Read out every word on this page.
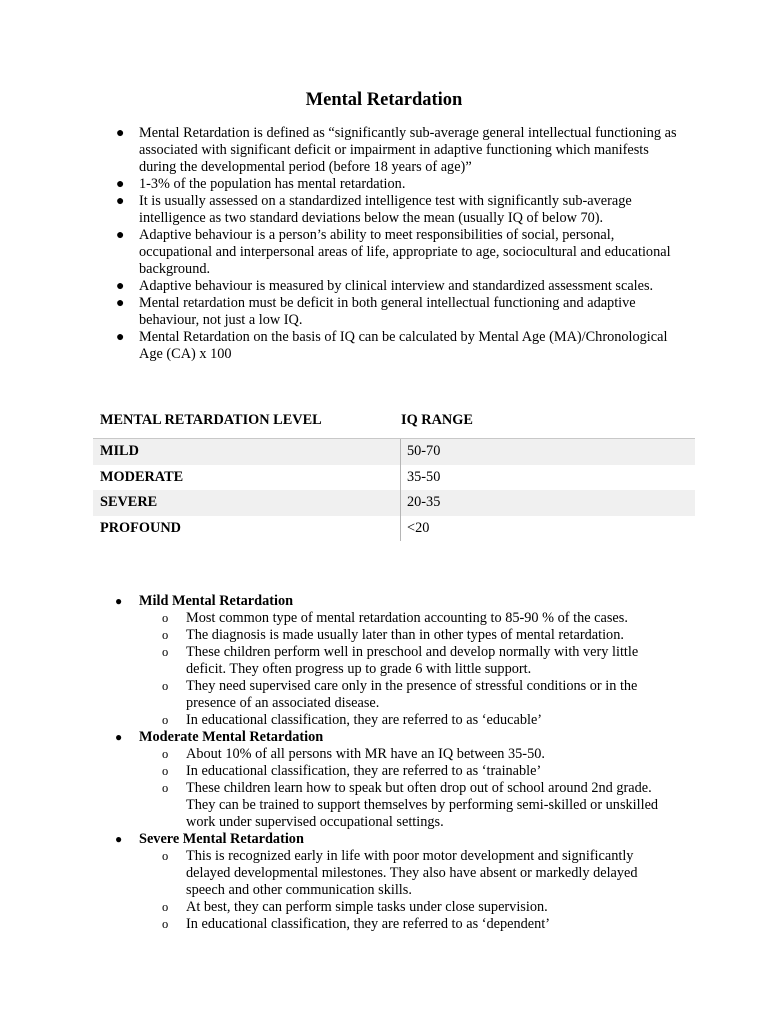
Mental Retardation
● Mental Retardation is defined as “significantly sub-average general intellectual functioning as associated with significant deficit or impairment in adaptive functioning which manifests during the developmental period (before 18 years of age)”
● 1-3% of the population has mental retardation.
● It is usually assessed on a standardized intelligence test with significantly sub-average intelligence as two standard deviations below the mean (usually IQ of below 70).
● Adaptive behaviour is a person’s ability to meet responsibilities of social, personal, occupational and interpersonal areas of life, appropriate to age, sociocultural and educational background.
● Adaptive behaviour is measured by clinical interview and standardized assessment scales.
● Mental retardation must be deficit in both general intellectual functioning and adaptive behaviour, not just a low IQ.
● Mental Retardation on the basis of IQ can be calculated by Mental Age (MA)/Chronological Age (CA) x 100
MENTAL RETARDATION LEVEL	IQ RANGE
MILD	50-70
MODERATE	35-50
SEVERE	20-35
PROFOUND	<20
● Mild Mental Retardation
o Most common type of mental retardation accounting to 85-90 % of the cases.
o The diagnosis is made usually later than in other types of mental retardation.
o These children perform well in preschool and develop normally with very little deficit. They often progress up to grade 6 with little support.
o They need supervised care only in the presence of stressful conditions or in the presence of an associated disease.
o In educational classification, they are referred to as ‘educable’
● Moderate Mental Retardation
o About 10% of all persons with MR have an IQ between 35-50.
o In educational classification, they are referred to as ‘trainable’
o These children learn how to speak but often drop out of school around 2nd grade. They can be trained to support themselves by performing semi-skilled or unskilled work under supervised occupational settings.
● Severe Mental Retardation
o This is recognized early in life with poor motor development and significantly delayed developmental milestones. They also have absent or markedly delayed speech and other communication skills.
o At best, they can perform simple tasks under close supervision.
o In educational classification, they are referred to as ‘dependent’
